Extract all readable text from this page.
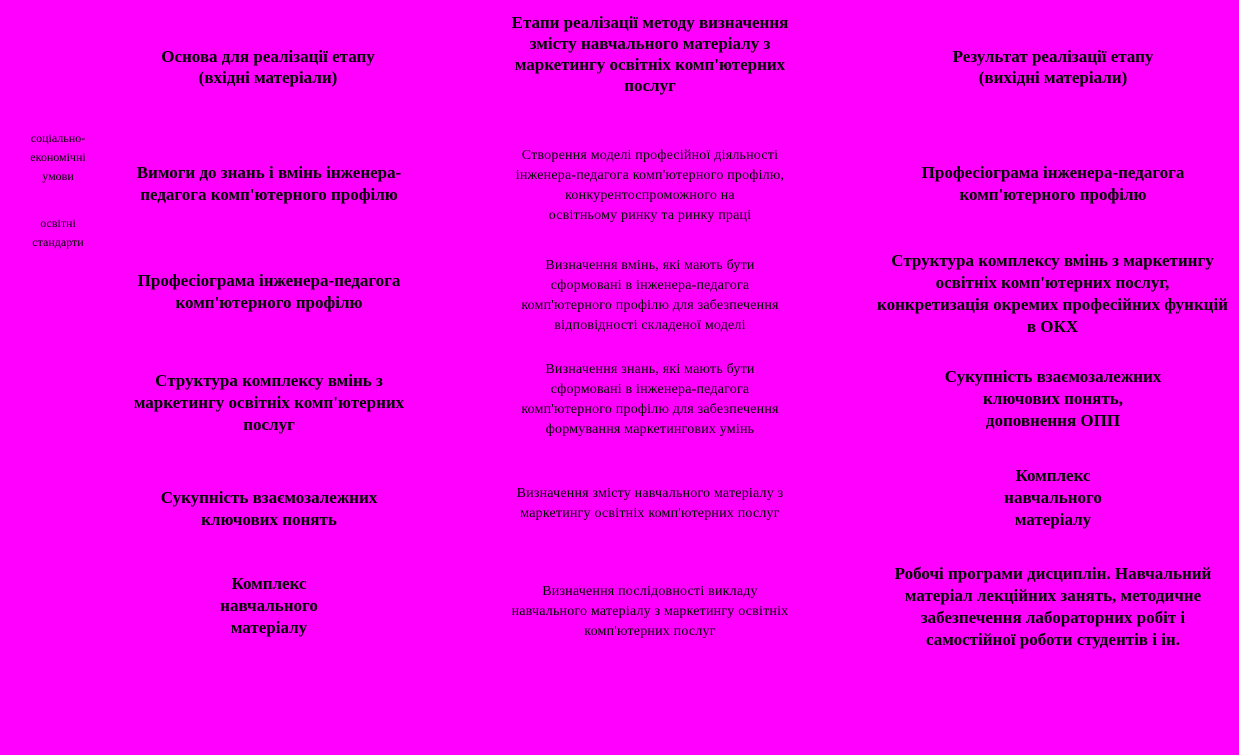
Основа для реалізації етапу
(вхідні матеріали)
Етапи реалізації методу визначення
змісту навчального матеріалу з
маркетингу освітніх комп'ютерних
послуг
Результат реалізації етапу
(вихідні матеріали)
соціально-
економічні
умови
освітні
стандарти
Вимоги до знань і вмінь інженера-
педагога комп'ютерного профілю
Створення моделі професійної діяльності
інженера-педагога комп'ютерного профілю,
конкурентоспроможного на
освітньому ринку та ринку праці
Професіограма інженера-педагога
комп'ютерного профілю
Професіограма інженера-педагога
комп'ютерного профілю
Визначення вмінь, які мають бути
сформовані в інженера-педагога
комп'ютерного профілю для забезпечення
відповідності складеної моделі
Структура комплексу вмінь з маркетингу
освітніх комп'ютерних послуг,
конкретизація окремих професійних функцій
в ОКХ
Структура комплексу вмінь з
маркетингу освітніх комп'ютерних
послуг
Визначення знань, які мають бути
сформовані в інженера-педагога
комп'ютерного профілю для забезпечення
формування маркетингових умінь
Сукупність взаємозалежних
ключових понять,
доповнення ОПП
Сукупність взаємозалежних
ключових понять
Визначення змісту навчального матеріалу з
маркетингу освітніх комп'ютерних послуг
Комплекс
навчального
матеріалу
Комплекс
навчального
матеріалу
Визначення послідовності викладу
навчального матеріалу з маркетингу освітніх
комп'ютерних послуг
Робочі програми дисциплін. Навчальний
матеріал лекційних занять, методичне
забезпечення лабораторних робіт і
самостійної роботи студентів і ін.
